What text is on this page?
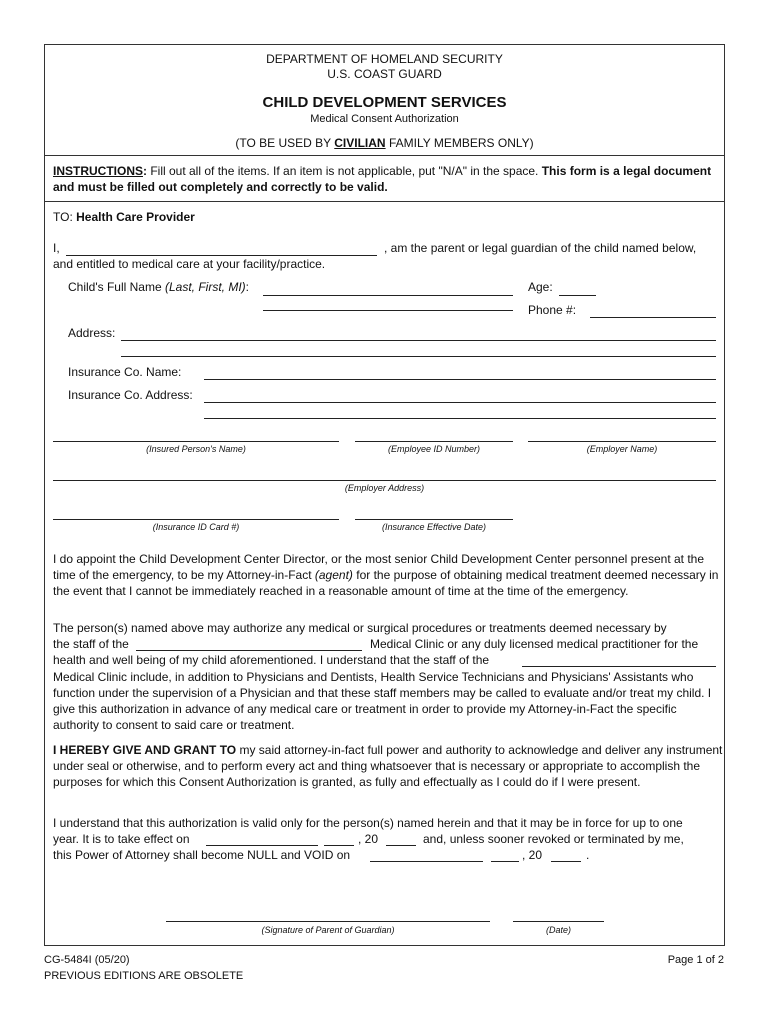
DEPARTMENT OF HOMELAND SECURITY
U.S. COAST GUARD
CHILD DEVELOPMENT SERVICES
Medical Consent Authorization
(TO BE USED BY CIVILIAN FAMILY MEMBERS ONLY)
INSTRUCTIONS: Fill out all of the items. If an item is not applicable, put "N/A" in the space. This form is a legal document and must be filled out completely and correctly to be valid.
TO: Health Care Provider
I,	, am the parent or legal guardian of the child named below,
and entitled to medical care at your facility/practice.
Child's Full Name (Last, First, MI):	Age:
Phone #:
Address:
Insurance Co. Name:
Insurance Co. Address:
(Insured Person's Name)	(Employee ID Number)	(Employer Name)
(Employer Address)
(Insurance ID Card #)	(Insurance Effective Date)
I do appoint the Child Development Center Director, or the most senior Child Development Center personnel present at the time of the emergency, to be my Attorney-in-Fact (agent) for the purpose of obtaining medical treatment deemed necessary in the event that I cannot be immediately reached in a reasonable amount of time at the time of the emergency.
The person(s) named above may authorize any medical or surgical procedures or treatments deemed necessary by
the staff of the	Medical Clinic or any duly licensed medical practitioner for the
health and well being of my child aforementioned. I understand that the staff of the
Medical Clinic include, in addition to Physicians and Dentists, Health Service Technicians and Physicians' Assistants who function under the supervision of a Physician and that these staff members may be called to evaluate and/or treat my child. I give this authorization in advance of any medical care or treatment in order to provide my Attorney-in-Fact the specific authority to consent to said care or treatment.
I HEREBY GIVE AND GRANT TO my said attorney-in-fact full power and authority to acknowledge and deliver any instrument under seal or otherwise, and to perform every act and thing whatsoever that is necessary or appropriate to accomplish the purposes for which this Consent Authorization is granted, as fully and effectually as I could do if I were present.
I understand that this authorization is valid only for the person(s) named herein and that it may be in force for up to one
year. It is to take effect on	, 20	and, unless sooner revoked or terminated by me,
this Power of Attorney shall become NULL and VOID on	, 20	.
(Signature of Parent of Guardian)	(Date)
CG-5484I (05/20)
PREVIOUS EDITIONS ARE OBSOLETE
Page 1 of 2
